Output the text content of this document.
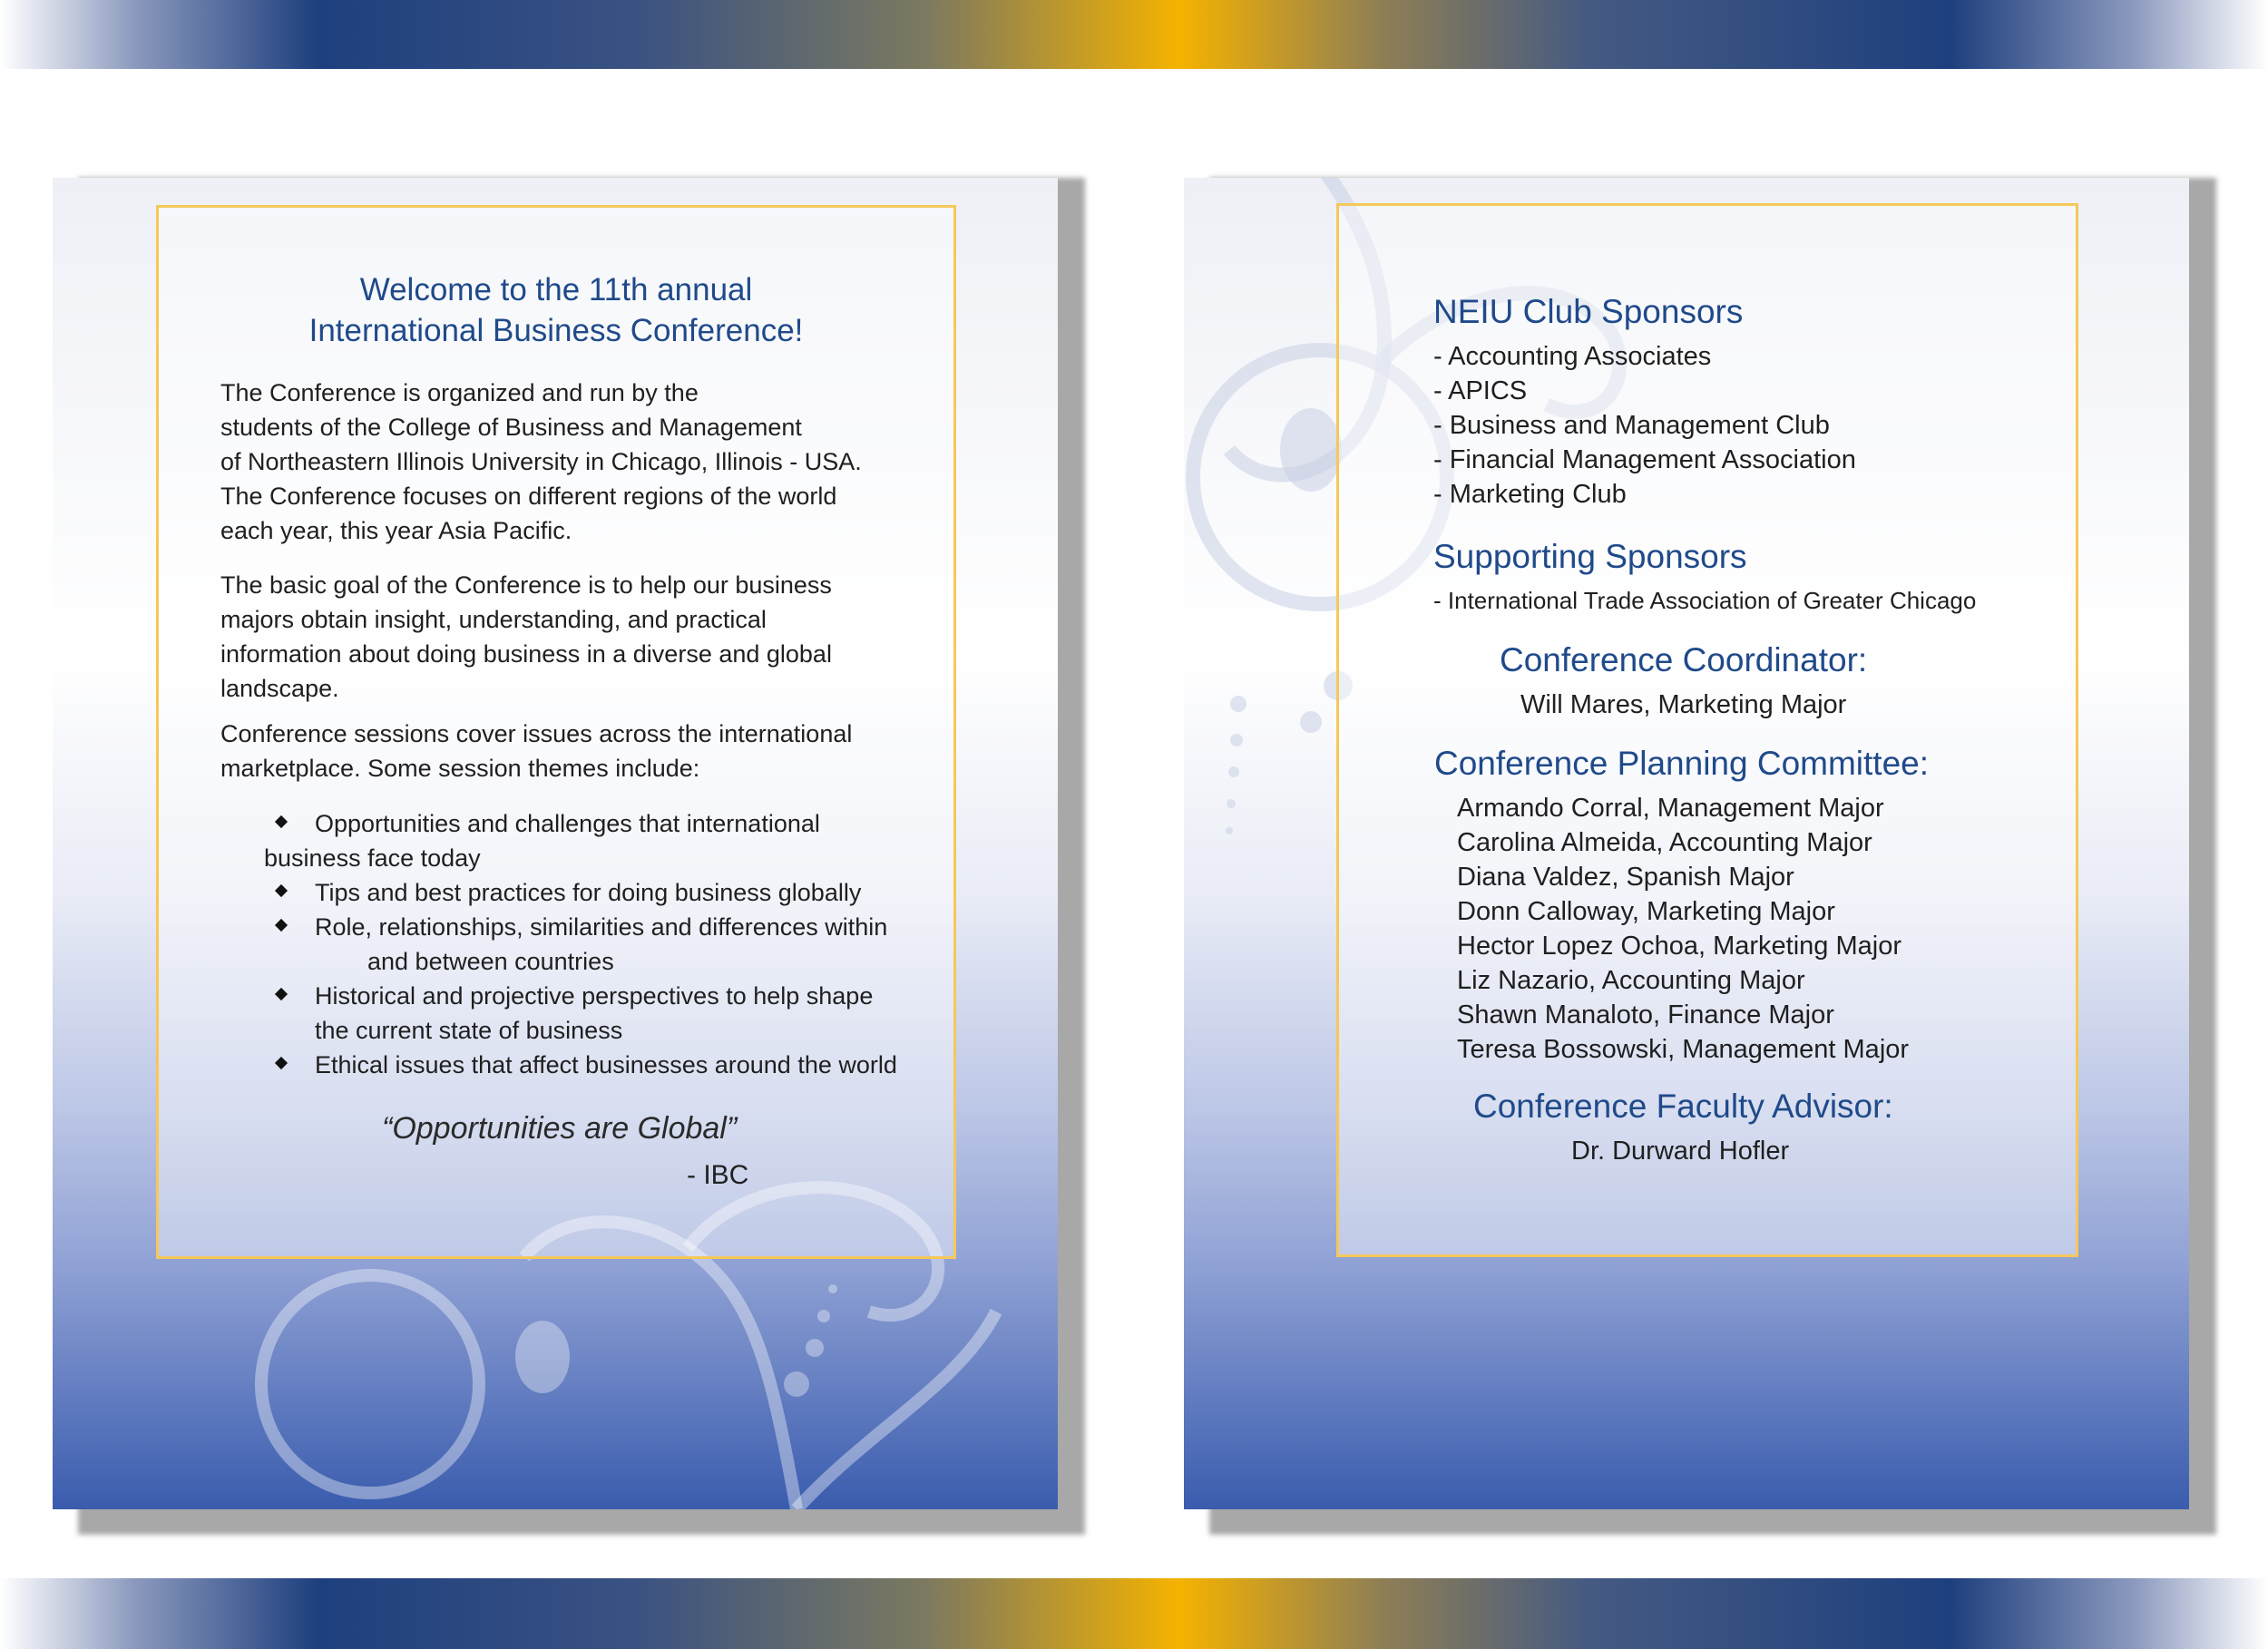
Welcome to the 11th annual
International Business Conference!
The Conference is organized and run by the
students of the College of Business and Management
of Northeastern Illinois University in Chicago, Illinois - USA.
The Conference focuses on different regions of the world
each year, this year Asia Pacific.
The basic goal of the Conference is to help our business
majors obtain insight, understanding, and practical
information about doing business in a diverse and global
landscape.
Conference sessions cover issues across the international
marketplace. Some session themes include:
Opportunities and challenges that international
business face today
Tips and best practices for doing business globally
Role, relationships, similarities and differences within
and between countries
Historical and projective perspectives to help shape
the current state of business
Ethical issues that affect businesses around the world
“Opportunities are Global”
- IBC
NEIU Club Sponsors
- Accounting Associates
- APICS
- Business and Management Club
- Financial Management Association
- Marketing Club
Supporting Sponsors
- International Trade Association of Greater Chicago
Conference Coordinator:
Will Mares, Marketing Major
Conference Planning Committee:
Armando Corral, Management Major
Carolina Almeida, Accounting Major
Diana Valdez, Spanish Major
Donn Calloway, Marketing Major
Hector Lopez Ochoa, Marketing Major
Liz Nazario, Accounting Major
Shawn Manaloto, Finance Major
Teresa Bossowski, Management Major
Conference Faculty Advisor:
Dr. Durward Hofler
